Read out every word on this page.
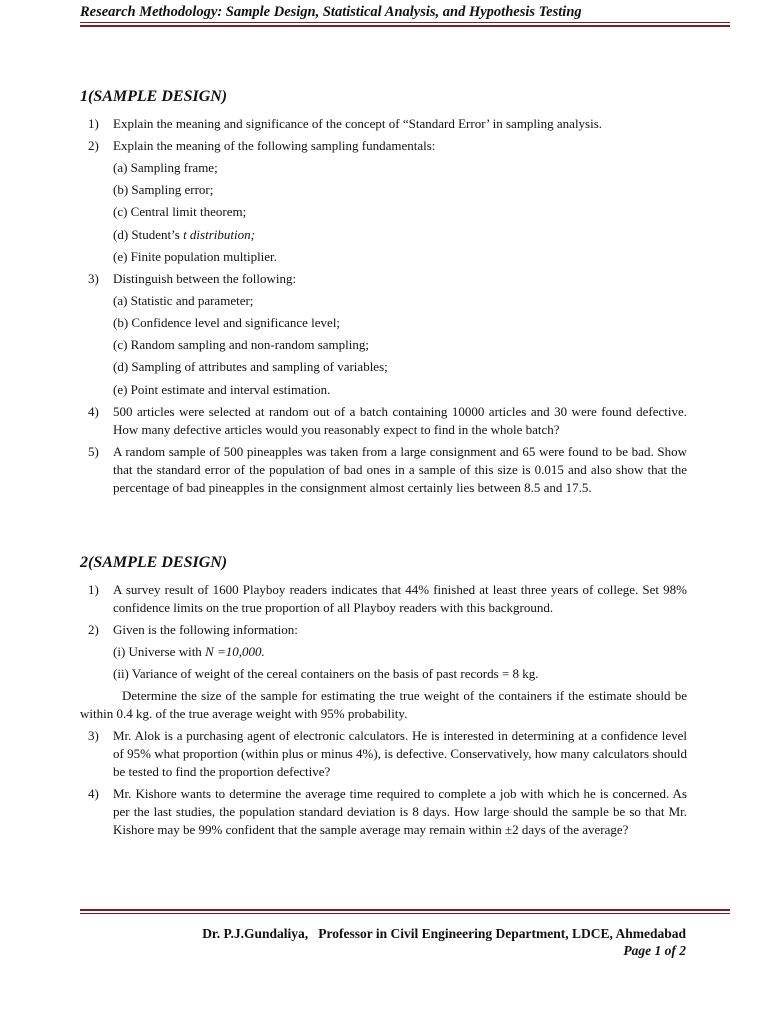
Research Methodology: Sample Design, Statistical Analysis, and Hypothesis Testing
1(SAMPLE DESIGN)
1) Explain the meaning and significance of the concept of “Standard Error’ in sampling analysis.
2) Explain the meaning of the following sampling fundamentals:
(a) Sampling frame;
(b) Sampling error;
(c) Central limit theorem;
(d) Student’s t distribution;
(e) Finite population multiplier.
3) Distinguish between the following:
(a) Statistic and parameter;
(b) Confidence level and significance level;
(c) Random sampling and non-random sampling;
(d) Sampling of attributes and sampling of variables;
(e) Point estimate and interval estimation.
4) 500 articles were selected at random out of a batch containing 10000 articles and 30 were found defective. How many defective articles would you reasonably expect to find in the whole batch?
5) A random sample of 500 pineapples was taken from a large consignment and 65 were found to be bad. Show that the standard error of the population of bad ones in a sample of this size is 0.015 and also show that the percentage of bad pineapples in the consignment almost certainly lies between 8.5 and 17.5.
2(SAMPLE DESIGN)
1) A survey result of 1600 Playboy readers indicates that 44% finished at least three years of college. Set 98% confidence limits on the true proportion of all Playboy readers with this background.
2) Given is the following information:
(i) Universe with N =10,000.
(ii) Variance of weight of the cereal containers on the basis of past records = 8 kg.
Determine the size of the sample for estimating the true weight of the containers if the estimate should be within 0.4 kg. of the true average weight with 95% probability.
3) Mr. Alok is a purchasing agent of electronic calculators. He is interested in determining at a confidence level of 95% what proportion (within plus or minus 4%), is defective. Conservatively, how many calculators should be tested to find the proportion defective?
4) Mr. Kishore wants to determine the average time required to complete a job with which he is concerned. As per the last studies, the population standard deviation is 8 days. How large should the sample be so that Mr. Kishore may be 99% confident that the sample average may remain within ±2 days of the average?
Dr. P.J.Gundaliya,   Professor in Civil Engineering Department, LDCE, Ahmedabad
Page 1 of 2
